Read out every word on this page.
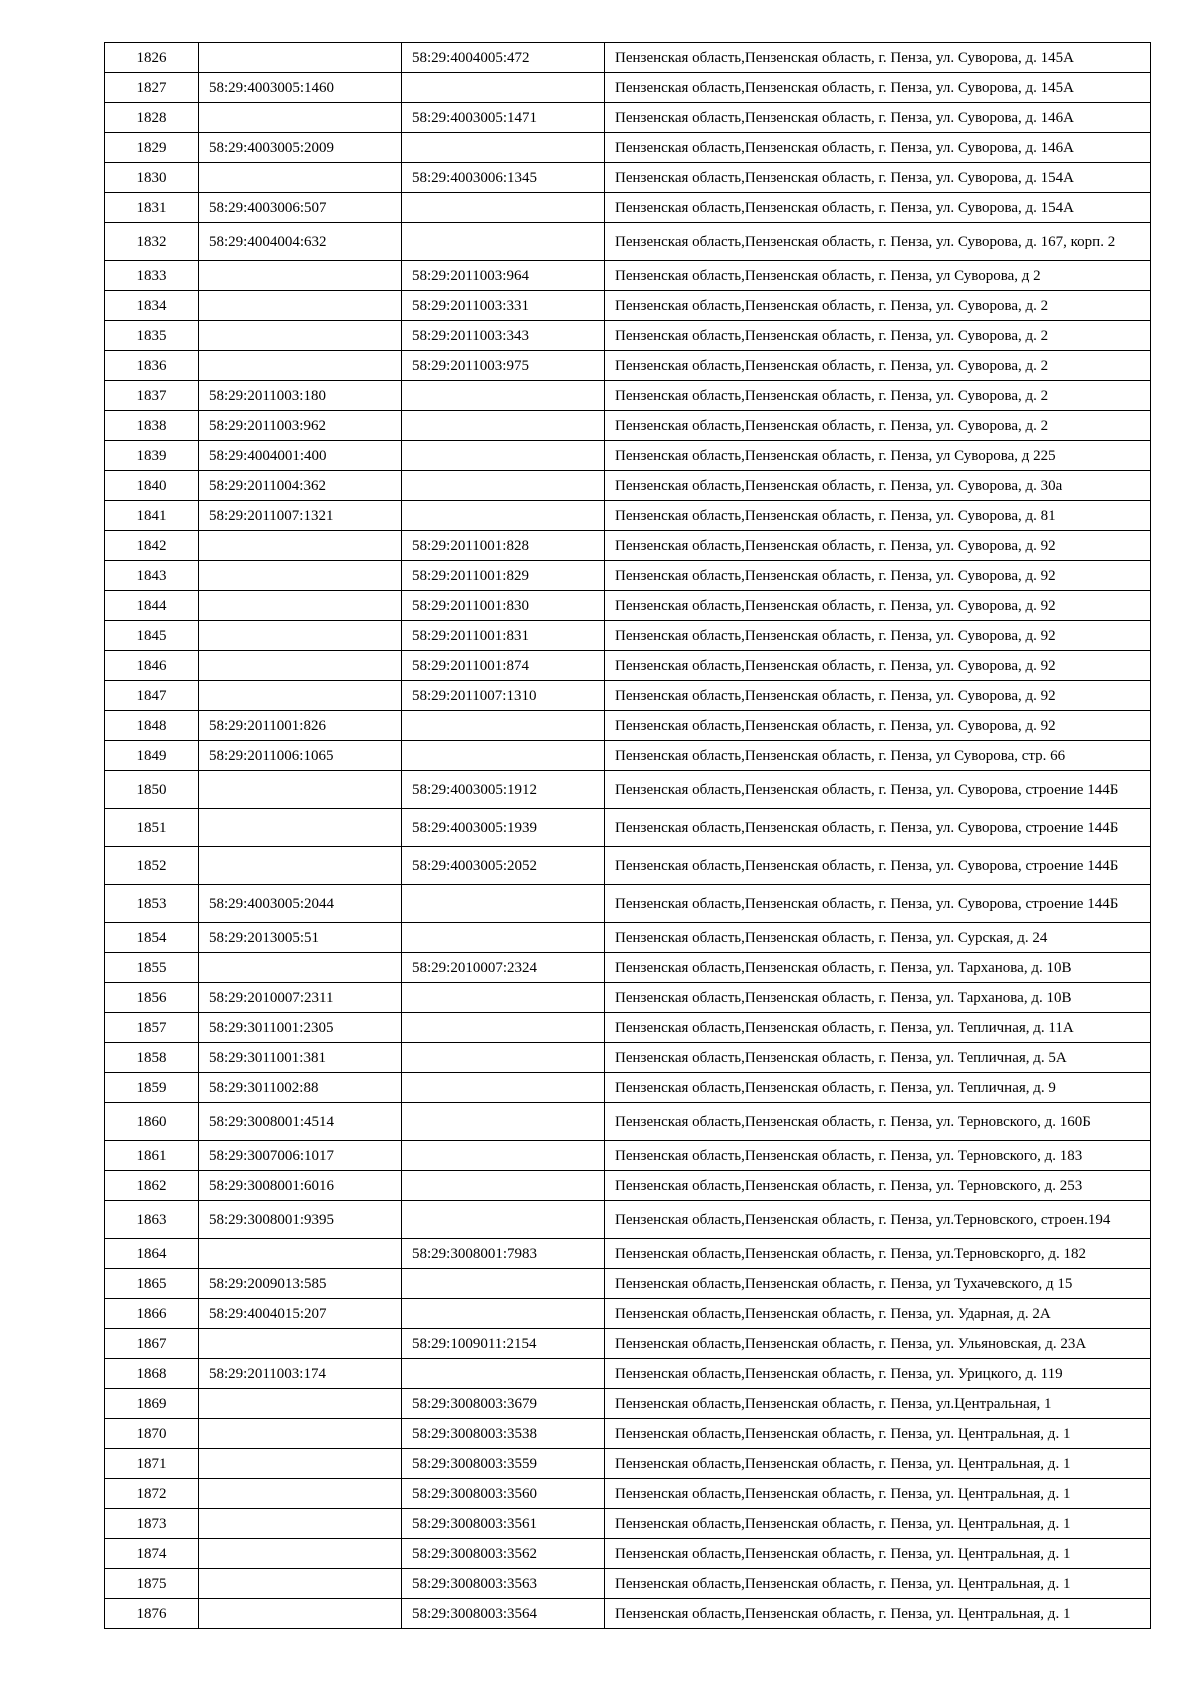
1826		58:29:4004005:472	Пензенская область,Пензенская область, г. Пенза, ул. Суворова, д. 145А
1827	58:29:4003005:1460		Пензенская область,Пензенская область, г. Пенза, ул. Суворова, д. 145А
1828		58:29:4003005:1471	Пензенская область,Пензенская область, г. Пенза, ул. Суворова, д. 146А
1829	58:29:4003005:2009		Пензенская область,Пензенская область, г. Пенза, ул. Суворова, д. 146А
1830		58:29:4003006:1345	Пензенская область,Пензенская область, г. Пенза, ул. Суворова, д. 154А
1831	58:29:4003006:507		Пензенская область,Пензенская область, г. Пенза, ул. Суворова, д. 154А
1832	58:29:4004004:632		Пензенская область,Пензенская область, г. Пенза, ул. Суворова, д. 167, корп. 2
1833		58:29:2011003:964	Пензенская область,Пензенская область, г. Пенза, ул Суворова, д 2
1834		58:29:2011003:331	Пензенская область,Пензенская область, г. Пенза, ул. Суворова, д. 2
1835		58:29:2011003:343	Пензенская область,Пензенская область, г. Пенза, ул. Суворова, д. 2
1836		58:29:2011003:975	Пензенская область,Пензенская область, г. Пенза, ул. Суворова, д. 2
1837	58:29:2011003:180		Пензенская область,Пензенская область, г. Пенза, ул. Суворова, д. 2
1838	58:29:2011003:962		Пензенская область,Пензенская область, г. Пенза, ул. Суворова, д. 2
1839	58:29:4004001:400		Пензенская область,Пензенская область, г. Пенза, ул Суворова, д 225
1840	58:29:2011004:362		Пензенская область,Пензенская область, г. Пенза, ул. Суворова, д. 30а
1841	58:29:2011007:1321		Пензенская область,Пензенская область, г. Пенза, ул. Суворова, д. 81
1842		58:29:2011001:828	Пензенская область,Пензенская область, г. Пенза, ул. Суворова, д. 92
1843		58:29:2011001:829	Пензенская область,Пензенская область, г. Пенза, ул. Суворова, д. 92
1844		58:29:2011001:830	Пензенская область,Пензенская область, г. Пенза, ул. Суворова, д. 92
1845		58:29:2011001:831	Пензенская область,Пензенская область, г. Пенза, ул. Суворова, д. 92
1846		58:29:2011001:874	Пензенская область,Пензенская область, г. Пенза, ул. Суворова, д. 92
1847		58:29:2011007:1310	Пензенская область,Пензенская область, г. Пенза, ул. Суворова, д. 92
1848	58:29:2011001:826		Пензенская область,Пензенская область, г. Пенза, ул. Суворова, д. 92
1849	58:29:2011006:1065		Пензенская область,Пензенская область, г. Пенза, ул Суворова, стр. 66
1850		58:29:4003005:1912	Пензенская область,Пензенская область, г. Пенза, ул. Суворова, строение 144Б
1851		58:29:4003005:1939	Пензенская область,Пензенская область, г. Пенза, ул. Суворова, строение 144Б
1852		58:29:4003005:2052	Пензенская область,Пензенская область, г. Пенза, ул. Суворова, строение 144Б
1853	58:29:4003005:2044		Пензенская область,Пензенская область, г. Пенза, ул. Суворова, строение 144Б
1854	58:29:2013005:51		Пензенская область,Пензенская область, г. Пенза, ул. Сурская, д. 24
1855		58:29:2010007:2324	Пензенская область,Пензенская область, г. Пенза, ул. Тарханова, д. 10В
1856	58:29:2010007:2311		Пензенская область,Пензенская область, г. Пенза, ул. Тарханова, д. 10В
1857	58:29:3011001:2305		Пензенская область,Пензенская область, г. Пенза, ул. Тепличная, д. 11А
1858	58:29:3011001:381		Пензенская область,Пензенская область, г. Пенза, ул. Тепличная, д. 5А
1859	58:29:3011002:88		Пензенская область,Пензенская область, г. Пенза, ул. Тепличная, д. 9
1860	58:29:3008001:4514		Пензенская область,Пензенская область, г. Пенза, ул. Терновского, д. 160Б
1861	58:29:3007006:1017		Пензенская область,Пензенская область, г. Пенза, ул. Терновского, д. 183
1862	58:29:3008001:6016		Пензенская область,Пензенская область, г. Пенза, ул. Терновского, д. 253
1863	58:29:3008001:9395		Пензенская область,Пензенская область, г. Пенза, ул.Терновского, строен.194
1864		58:29:3008001:7983	Пензенская область,Пензенская область, г. Пенза, ул.Терновскорго, д. 182
1865	58:29:2009013:585		Пензенская область,Пензенская область, г. Пенза, ул Тухачевского, д 15
1866	58:29:4004015:207		Пензенская область,Пензенская область, г. Пенза, ул. Ударная, д. 2А
1867		58:29:1009011:2154	Пензенская область,Пензенская область, г. Пенза, ул. Ульяновская, д. 23А
1868	58:29:2011003:174		Пензенская область,Пензенская область, г. Пенза, ул. Урицкого, д. 119
1869		58:29:3008003:3679	Пензенская область,Пензенская область, г. Пенза, ул.Центральная, 1
1870		58:29:3008003:3538	Пензенская область,Пензенская область, г. Пенза, ул. Центральная, д. 1
1871		58:29:3008003:3559	Пензенская область,Пензенская область, г. Пенза, ул. Центральная, д. 1
1872		58:29:3008003:3560	Пензенская область,Пензенская область, г. Пенза, ул. Центральная, д. 1
1873		58:29:3008003:3561	Пензенская область,Пензенская область, г. Пенза, ул. Центральная, д. 1
1874		58:29:3008003:3562	Пензенская область,Пензенская область, г. Пенза, ул. Центральная, д. 1
1875		58:29:3008003:3563	Пензенская область,Пензенская область, г. Пенза, ул. Центральная, д. 1
1876		58:29:3008003:3564	Пензенская область,Пензенская область, г. Пенза, ул. Центральная, д. 1
